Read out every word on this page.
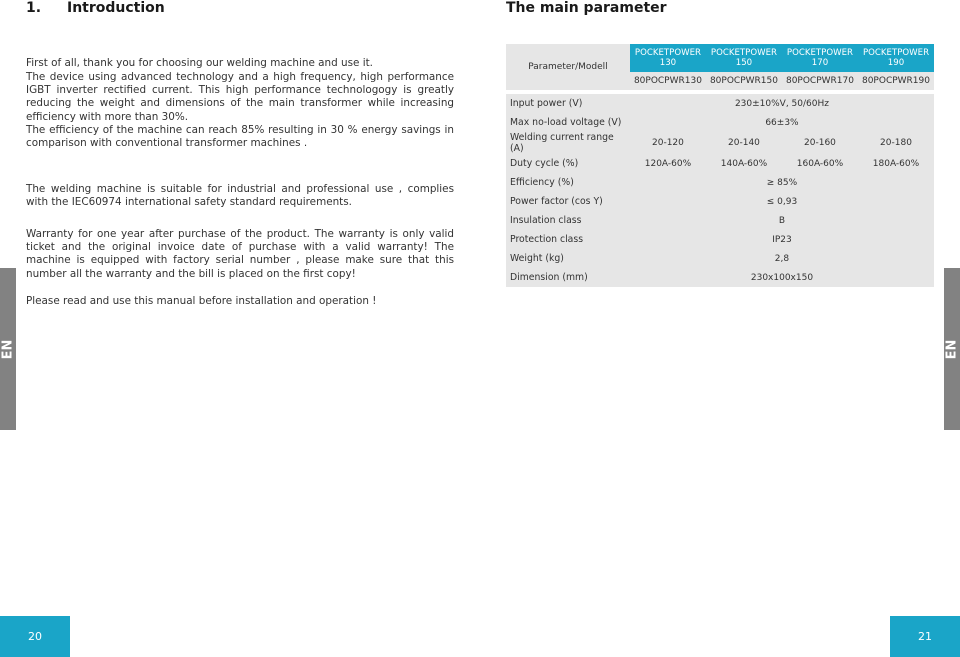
1. Introduction

First of all, thank you for choosing our welding machine and use it.

The device using advanced technology and a high frequency, high performance IGBT inverter rectified current. This high performance technologogy is greatly reducing the weight and dimensions of the main transformer while increasing efficiency with more than 30%.

The efficiency of the machine can reach 85% resulting in 30 % energy savings in comparison with conventional transformer machines .

The welding machine is suitable for industrial and professional use , complies with the IEC60974 international safety standard requirements.

Warranty for one year after purchase of the product. The warranty is only valid ticket and the original invoice date of purchase with a valid warranty! The machine is equipped with factory serial number , please make sure that this number all the warranty and the bill is placed on the first copy!

Please read and use this manual before installation and operation !

EN
20
The main parameter
Parameter/Modell	POCKETPOWER 130	POCKETPOWER 150	POCKETPOWER 170	POCKETPOWER 190
	80POCPWR130	80POCPWR150	80POCPWR170	80POCPWR190

Input power (V)	230±10%V, 50/60Hz			
Max no-load voltage (V)	66±3%			
Welding current range (A)	20-120	20-140	20-160	20-180
Duty cycle (%)	120A-60%	140A-60%	160A-60%	180A-60%
Efficiency (%)	≥ 85%			
Power factor (cos Y)	≤ 0,93			
Insulation class	B			
Protection class	IP23			
Weight (kg)	2,8			
Dimension (mm)	230x100x150			
EN
21
